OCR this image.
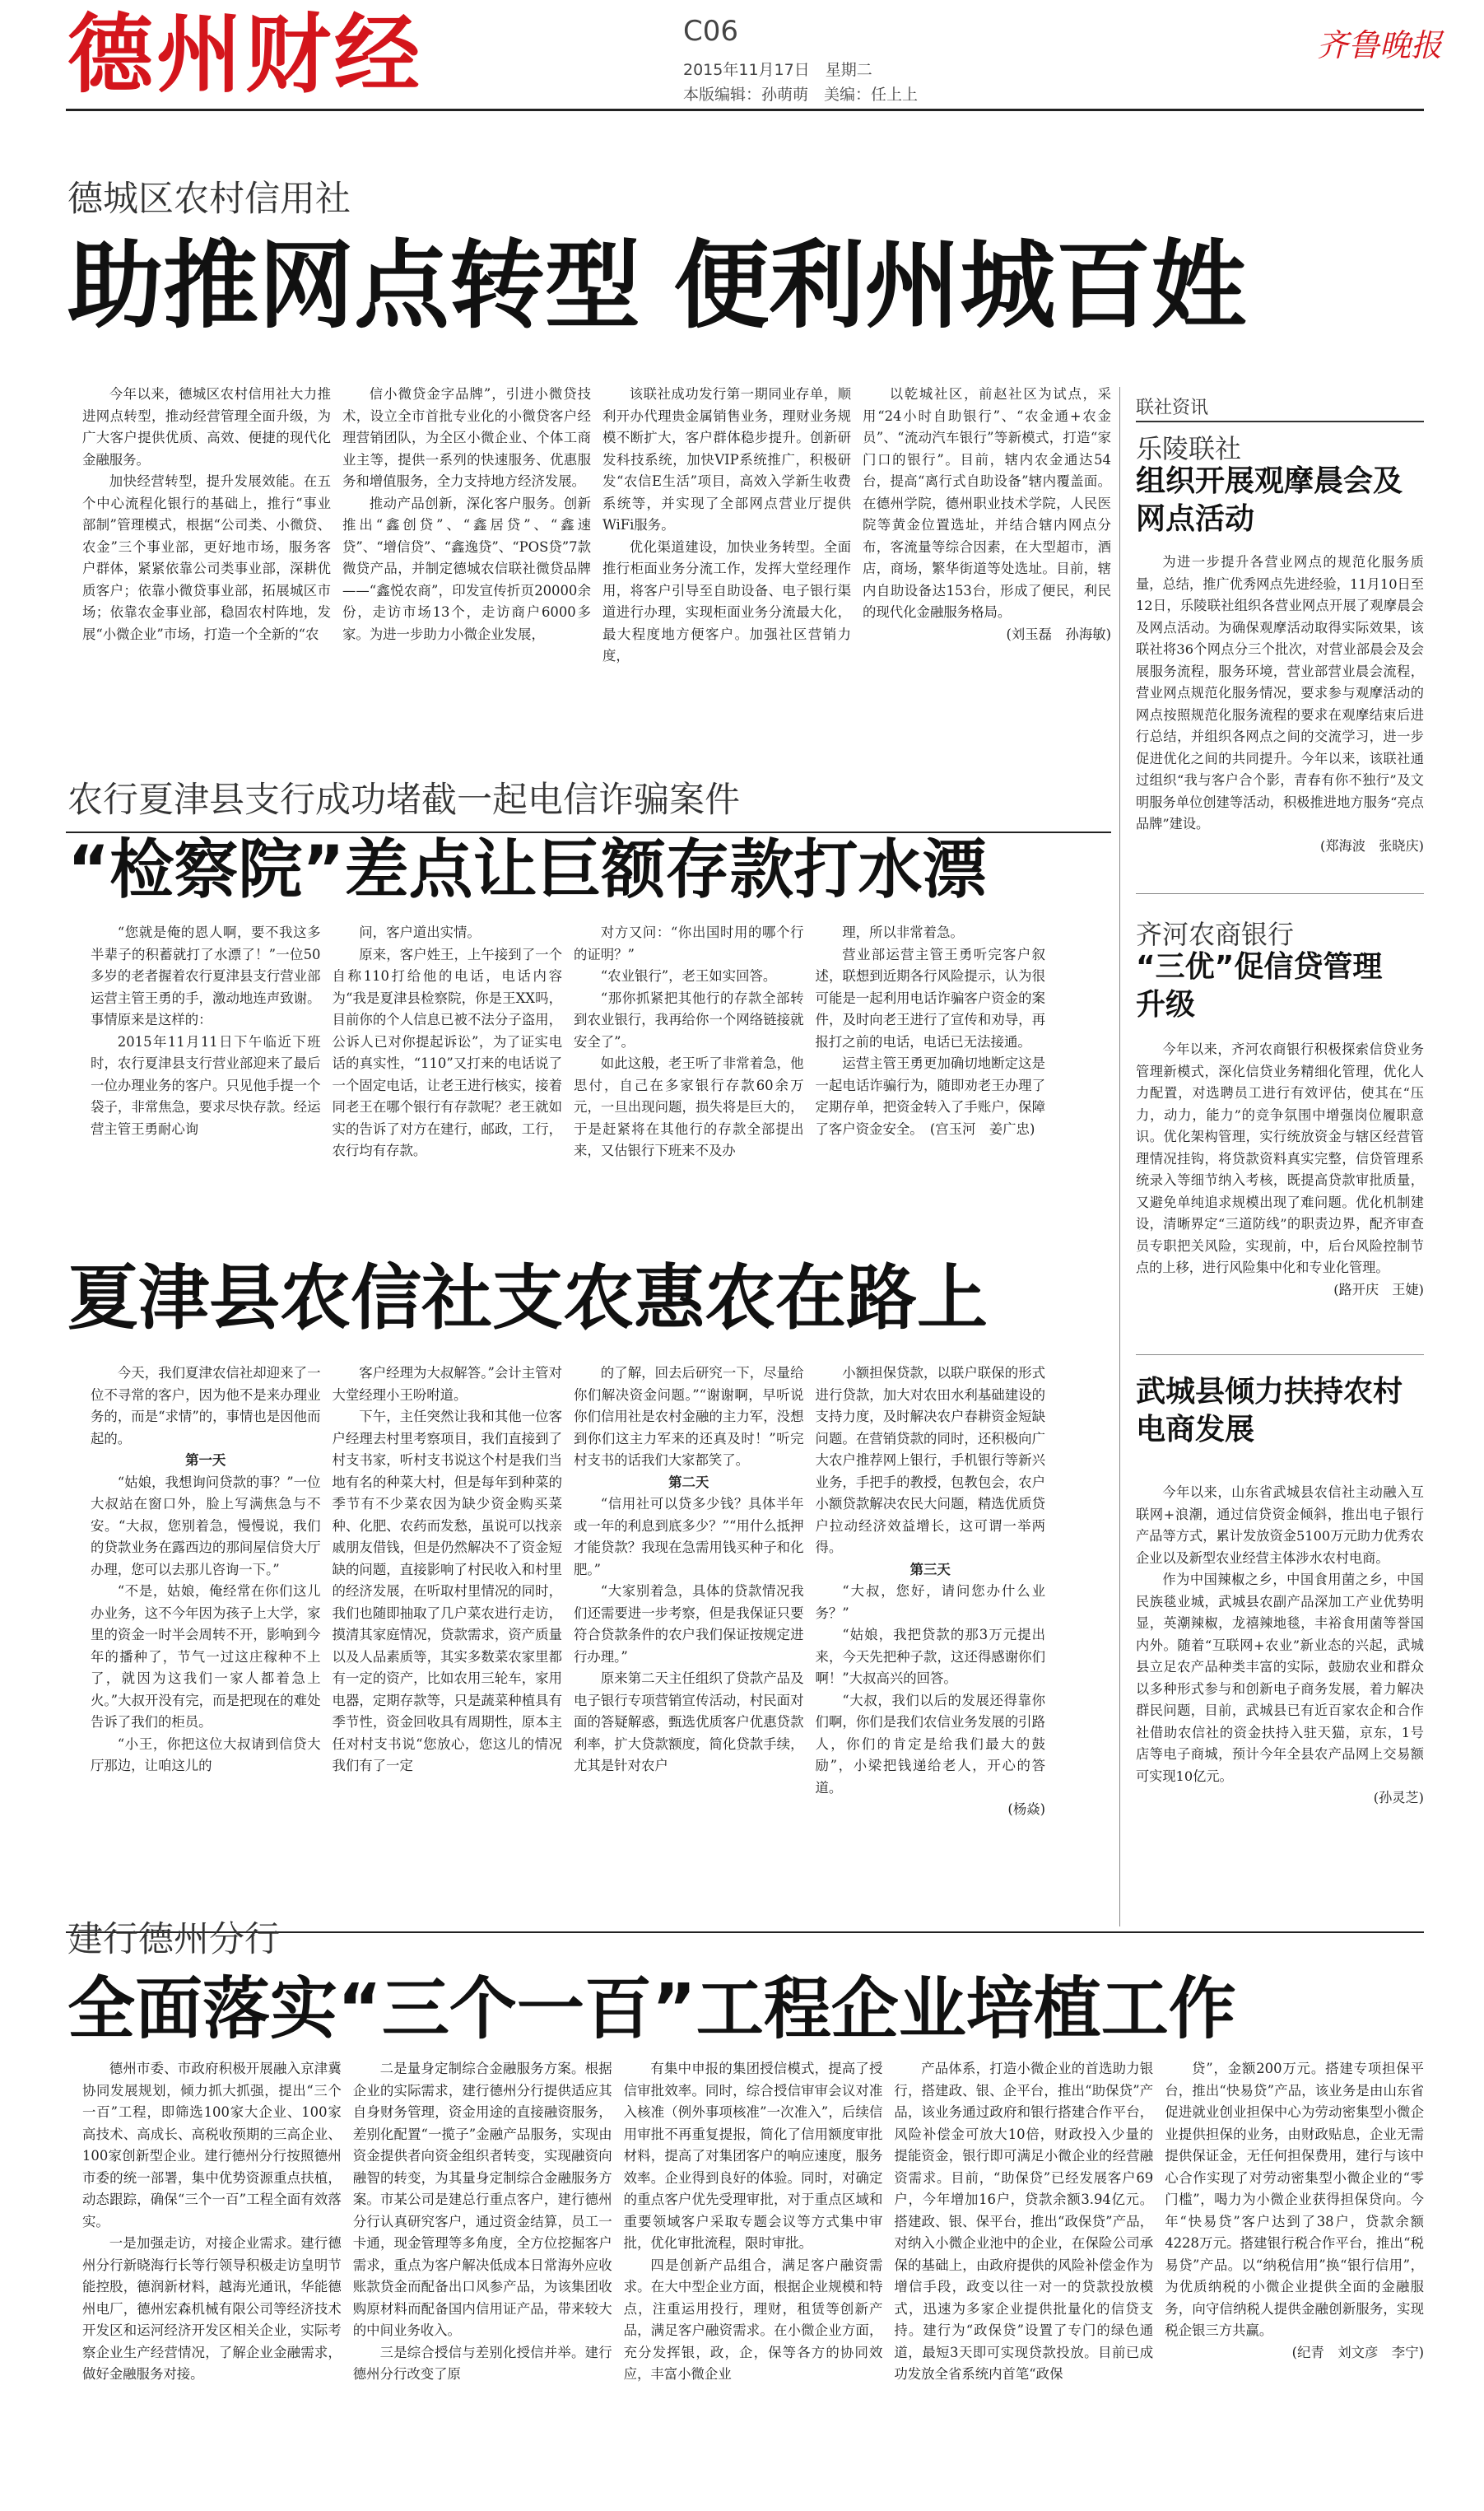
德州财经	C06
2015年11月17日　星期二
本版编辑：孙萌萌　美编：任上上
齐鲁晚报
德城区农村信用社
助推网点转型 便利州城百姓

今年以来，德城区农村信用社大力推进网点转型，推动经营管理全面升级，为广大客户提供优质、高效、便捷的现代化金融服务。

加快经营转型，提升发展效能。在五个中心流程化银行的基础上，推行“事业部制”管理模式，根据“公司类、小微贷、农金”三个事业部，更好地市场，服务客户群体，紧紧依靠公司类事业部，深耕优质客户；依靠小微贷事业部，拓展城区市场；依靠农金事业部，稳固农村阵地，发展“小微企业”市场，打造一个全新的“农

信小微贷金字品牌”，引进小微贷技术，设立全市首批专业化的小微贷客户经理营销团队，为全区小微企业、个体工商业主等，提供一系列的快速服务、优惠服务和增值服务，全力支持地方经济发展。

推动产品创新，深化客户服务。创新推出“鑫创贷”、“鑫居贷”、“鑫速贷”、“增信贷”、“鑫逸贷”、“POS贷”7款微贷产品，并制定德城农信联社微贷品牌——“鑫悦农商”，印发宣传折页20000余份，走访市场13个，走访商户6000多家。为进一步助力小微企业发展，

该联社成功发行第一期同业存单，顺利开办代理贵金属销售业务，理财业务规模不断扩大，客户群体稳步提升。创新研发科技系统，加快VIP系统推广，积极研发“农信E生活”项目，高效入学新生收费系统等，并实现了全部网点营业厅提供WiFi服务。

优化渠道建设，加快业务转型。全面推行柜面业务分流工作，发挥大堂经理作用，将客户引导至自助设备、电子银行渠道进行办理，实现柜面业务分流最大化，最大程度地方便客户。加强社区营销力度，

以乾城社区，前赵社区为试点，采用“24小时自助银行”、“农金通+农金员”、“流动汽车银行”等新模式，打造“家门口的银行”。目前，辖内农金通达54台，提高“离行式自助设备”辖内覆盖面。在德州学院，德州职业技术学院，人民医院等黄金位置选址，并结合辖内网点分布，客流量等综合因素，在大型超市，酒店，商场，繁华街道等处选址。目前，辖内自助设备达153台，形成了便民，利民的现代化金融服务格局。

(刘玉磊　孙海敏)

农行夏津县支行成功堵截一起电信诈骗案件
“检察院”差点让巨额存款打水漂

“您就是俺的恩人啊，要不我这多半辈子的积蓄就打了水漂了！”一位50多岁的老者握着农行夏津县支行营业部运营主管王勇的手，激动地连声致谢。事情原来是这样的：

2015年11月11日下午临近下班时，农行夏津县支行营业部迎来了最后一位办理业务的客户。只见他手提一个袋子，非常焦急，要求尽快存款。经运营主管王勇耐心询

问，客户道出实情。

原来，客户姓王，上午接到了一个自称110打给他的电话，电话内容为“我是夏津县检察院，你是王XX吗，目前你的个人信息已被不法分子盗用，公诉人已对你提起诉讼”，为了证实电话的真实性，“110”又打来的电话说了一个固定电话，让老王进行核实，接着同老王在哪个银行有存款呢？老王就如实的告诉了对方在建行，邮政，工行，农行均有存款。

对方又问：“你出国时用的哪个行的证明？”

“农业银行”，老王如实回答。

“那你抓紧把其他行的存款全部转到农业银行，我再给你一个网络链接就安全了”。

如此这般，老王听了非常着急，他思付，自己在多家银行存款60余万元，一旦出现问题，损失将是巨大的，于是赶紧将在其他行的存款全部提出来，又估银行下班来不及办

理，所以非常着急。

营业部运营主管王勇听完客户叙述，联想到近期各行风险提示，认为很可能是一起利用电话诈骗客户资金的案件，及时向老王进行了宣传和劝导，再报打之前的电话，电话已无法接通。

运营主管王勇更加确切地断定这是一起电话诈骗行为，随即劝老王办理了定期存单，把资金转入了手账户，保障了客户资金安全。　(宫玉河　姜广忠)

夏津县农信社支农惠农在路上

今天，我们夏津农信社却迎来了一位不寻常的客户，因为他不是来办理业务的，而是“求情”的，事情也是因他而起的。

第一天

“姑娘，我想询问贷款的事？”一位大叔站在窗口外，脸上写满焦急与不安。“大叔，您别着急，慢慢说，我们的贷款业务在露西边的那间屋信贷大厅办理，您可以去那儿咨询一下。”

“不是，姑娘，俺经常在你们这儿办业务，这不今年因为孩子上大学，家里的资金一时半会周转不开，影响到今年的播种了，节气一过这庄稼种不上了，就因为这我们一家人都着急上火。”大叔开没有完，而是把现在的难处告诉了我们的柜员。

“小王，你把这位大叔请到信贷大厅那边，让咱这儿的

客户经理为大叔解答。”会计主管对大堂经理小王吩咐道。

下午，主任突然让我和其他一位客户经理去村里考察项目，我们直接到了村支书家，听村支书说这个村是我们当地有名的种菜大村，但是每年到种菜的季节有不少菜农因为缺少资金购买菜种、化肥、农药而发愁，虽说可以找亲戚朋友借钱，但是仍然解决不了资金短缺的问题，直接影响了村民收入和村里的经济发展，在听取村里情况的同时，我们也随即抽取了几户菜农进行走访，摸清其家庭情况，贷款需求，资产质量以及人品素质等，其实多数菜农家里都有一定的资产，比如农用三轮车，家用电器，定期存款等，只是蔬菜种植具有季节性，资金回收具有周期性，原本主任对村支书说“您放心，您这儿的情况我们有了一定

的了解，回去后研究一下，尽量给你们解决资金问题。”“谢谢啊，早听说你们信用社是农村金融的主力军，没想到你们这主力军来的还真及时！”听完村支书的话我们大家都笑了。

第二天

“信用社可以贷多少钱？具体半年或一年的利息到底多少？”“用什么抵押才能贷款？我现在急需用钱买种子和化肥。”

“大家别着急，具体的贷款情况我们还需要进一步考察，但是我保证只要符合贷款条件的农户我们保证按规定进行办理。”

原来第二天主任组织了贷款产品及电子银行专项营销宣传活动，村民面对面的答疑解惑，甄选优质客户优惠贷款利率，扩大贷款额度，简化贷款手续，尤其是针对农户

小额担保贷款，以联户联保的形式进行贷款，加大对农田水利基础建设的支持力度，及时解决农户春耕资金短缺问题。在营销贷款的同时，还积极向广大农户推荐网上银行，手机银行等新兴业务，手把手的教授，包教包会，农户小额贷款解决农民大问题，精选优质贷户拉动经济效益增长，这可谓一举两得。

第三天

“大叔，您好，请问您办什么业务？”

“姑娘，我把贷款的那3万元提出来，今天先把种子款，这还得感谢你们啊！”大叔高兴的回答。

“大叔，我们以后的发展还得靠你们啊，你们是我们农信业务发展的引路人，你们的肯定是给我们最大的鼓励”，小梁把钱递给老人，开心的答道。

(杨焱)

建行德州分行
全面落实“三个一百”工程企业培植工作

德州市委、市政府积极开展融入京津冀协同发展规划，倾力抓大抓强，提出“三个一百”工程，即筛选100家大企业、100家高技术、高成长、高税收预期的三高企业、100家创新型企业。建行德州分行按照德州市委的统一部署，集中优势资源重点扶植，动态跟踪，确保“三个一百”工程全面有效落实。

一是加强走访，对接企业需求。建行德州分行新晓海行长等行领导积极走访皇明节能控股，德润新材料，越海光通讯，华能德州电厂，德州宏森机械有限公司等经济技术开发区和运河经济开发区相关企业，实际考察企业生产经营情况，了解企业金融需求，做好金融服务对接。

二是量身定制综合金融服务方案。根据企业的实际需求，建行德州分行提供适应其自身财务管理，资金用途的直接融资服务，差别化配置“一揽子”金融产品服务，实现由资金提供者向资金组织者转变，实现融资向融智的转变，为其量身定制综合金融服务方案。市某公司是建总行重点客户，建行德州分行认真研究客户，通过资金结算，员工一卡通，现金管理等多角度，全方位挖掘客户需求，重点为客户解决低成本日常海外应收账款贷金而配备出口风参产品，为该集团收购原材料而配备国内信用证产品，带来较大的中间业务收入。

三是综合授信与差别化授信并举。建行德州分行改变了原

有集中申报的集团授信模式，提高了授信审批效率。同时，综合授信审审会议对准入核准（例外事项核准”一次准入”，后续信用审批不再重复提报，简化了信用额度审批材料，提高了对集团客户的响应速度，服务效率。企业得到良好的体验。同时，对确定的重点客户优先受理审批，对于重点区域和重要领域客户采取专题会议等方式集中审批，优化审批流程，限时审批。

四是创新产品组合，满足客户融资需求。在大中型企业方面，根据企业规模和特点，注重运用投行，理财，租赁等创新产品，满足客户融资需求。在小微企业方面，充分发挥银，政，企，保等各方的协同效应，丰富小微企业

产品体系，打造小微企业的首选助力银行，搭建政、银、企平台，推出“助保贷”产品，该业务通过政府和银行搭建合作平台，风险补偿金可放大10倍，财政投入少量的提能资金，银行即可满足小微企业的经营融资需求。目前，“助保贷”已经发展客户69户，今年增加16户，贷款余额3.94亿元。搭建政、银、保平台，推出“政保贷”产品，对纳入小微企业池中的企业，在保险公司承保的基础上，由政府提供的风险补偿金作为增信手段，政变以往一对一的贷款投放模式，迅速为多家企业提供批量化的信贷支持。建行为“政保贷”设置了专门的绿色通道，最短3天即可实现贷款投放。目前已成功发放全省系统内首笔“政保

贷”，金额200万元。搭建专项担保平台，推出“快易贷”产品，该业务是由山东省促进就业创业担保中心为劳动密集型小微企业提供担保的业务，由财政贴息，企业无需提供保证金，无任何担保费用，建行与该中心合作实现了对劳动密集型小微企业的“零门槛”，喝力为小微企业获得担保贷向。今年“快易贷”客户达到了38户，贷款余额4228万元。搭建银行税合作平台，推出“税易贷”产品。以“纳税信用”换“银行信用”，为优质纳税的小微企业提供全面的金融服务，向守信纳税人提供金融创新服务，实现税企银三方共赢。

(纪青　刘文彦　李宁)

联社资讯
乐陵联社
组织开展观摩晨会及网点活动

为进一步提升各营业网点的规范化服务质量，总结，推广优秀网点先进经验，11月10日至12日，乐陵联社组织各营业网点开展了观摩晨会及网点活动。为确保观摩活动取得实际效果，该联社将36个网点分三个批次，对营业部晨会及会展服务流程，服务环境，营业部营业晨会流程，营业网点规范化服务情况，要求参与观摩活动的网点按照规范化服务流程的要求在观摩结束后进行总结，并组织各网点之间的交流学习，进一步促进优化之间的共同提升。今年以来，该联社通过组织“我与客户合个影，青春有你不独行”及文明服务单位创建等活动，积极推进地方服务“亮点品牌”建设。

(郑海波　张晓庆)

齐河农商银行
“三优”促信贷管理升级

今年以来，齐河农商银行积极探索信贷业务管理新模式，深化信贷业务精细化管理，优化人力配置，对选聘员工进行有效评估，使其在“压力，动力，能力”的竞争氛围中增强岗位履职意识。优化架构管理，实行统放资金与辖区经营管理情况挂钩，将贷款资料真实完整，信贷管理系统录入等细节纳入考核，既提高贷款审批质量，又避免单纯追求规模出现了难问题。优化机制建设，清晰界定“三道防线”的职责边界，配齐审查员专职把关风险，实现前，中，后台风险控制节点的上移，进行风险集中化和专业化管理。

(路开庆　王婕)

武城县倾力扶持农村电商发展

今年以来，山东省武城县农信社主动融入互联网+浪潮，通过信贷资金倾斜，推出电子银行产品等方式，累计发放资金5100万元助力优秀农企业以及新型农业经营主体涉水农村电商。

作为中国辣椒之乡，中国食用菌之乡，中国民族毯业城，武城县农副产品深加工产业优势明显，英潮辣椒，龙禧辣地毯，丰裕食用菌等誉国内外。随着“互联网+农业”新业态的兴起，武城县立足农产品种类丰富的实际，鼓励农业和群众以多种形式参与和创新电子商务发展，着力解决群民问题，目前，武城县已有近百家农企和合作社借助农信社的资金扶持入驻天猫，京东，1号店等电子商城，预计今年全县农产品网上交易额可实现10亿元。

(孙灵芝)
